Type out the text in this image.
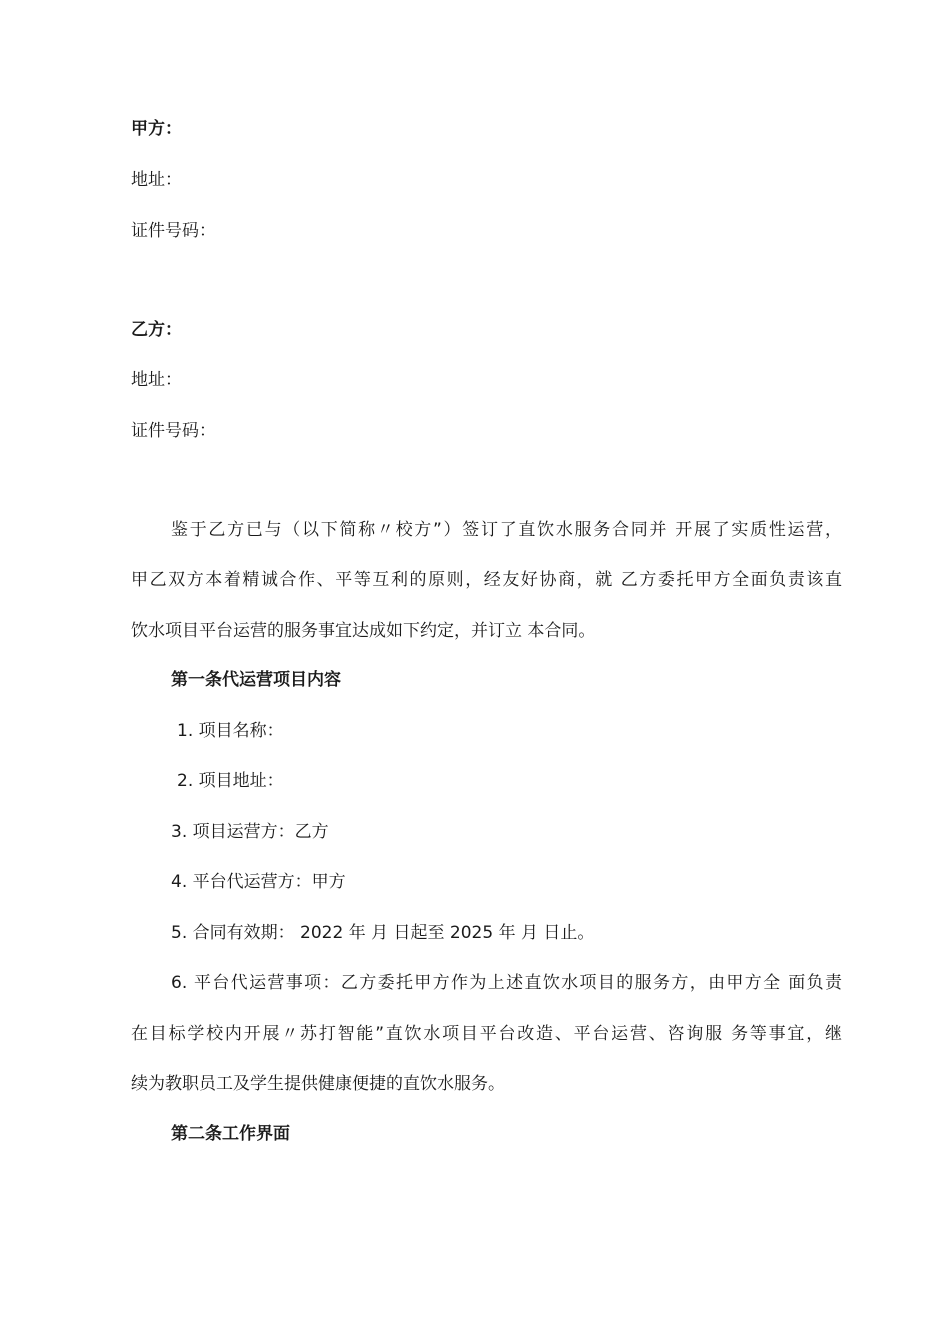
甲方：
地址：
证件号码：
乙方：
地址：
证件号码：
鉴于乙方已与（以下简称〃校方”）签订了直饮水服务合同并 开展了实质性运营，
甲乙双方本着精诚合作、平等互利的原则，经友好协商，就 乙方委托甲方全面负责该直
饮水项目平台运营的服务事宜达成如下约定，并订立 本合同。
第一条代运营项目内容
1. 项目名称：
2. 项目地址：
3. 项目运营方：乙方
4. 平台代运营方：甲方
5. 合同有效期： 2022 年 月 日起至 2025 年 月 日止。
6. 平台代运营事项：乙方委托甲方作为上述直饮水项目的服务方，由甲方全 面负责
在目标学校内开展〃苏打智能”直饮水项目平台改造、平台运营、咨询服 务等事宜，继
续为教职员工及学生提供健康便捷的直饮水服务。
第二条工作界面
